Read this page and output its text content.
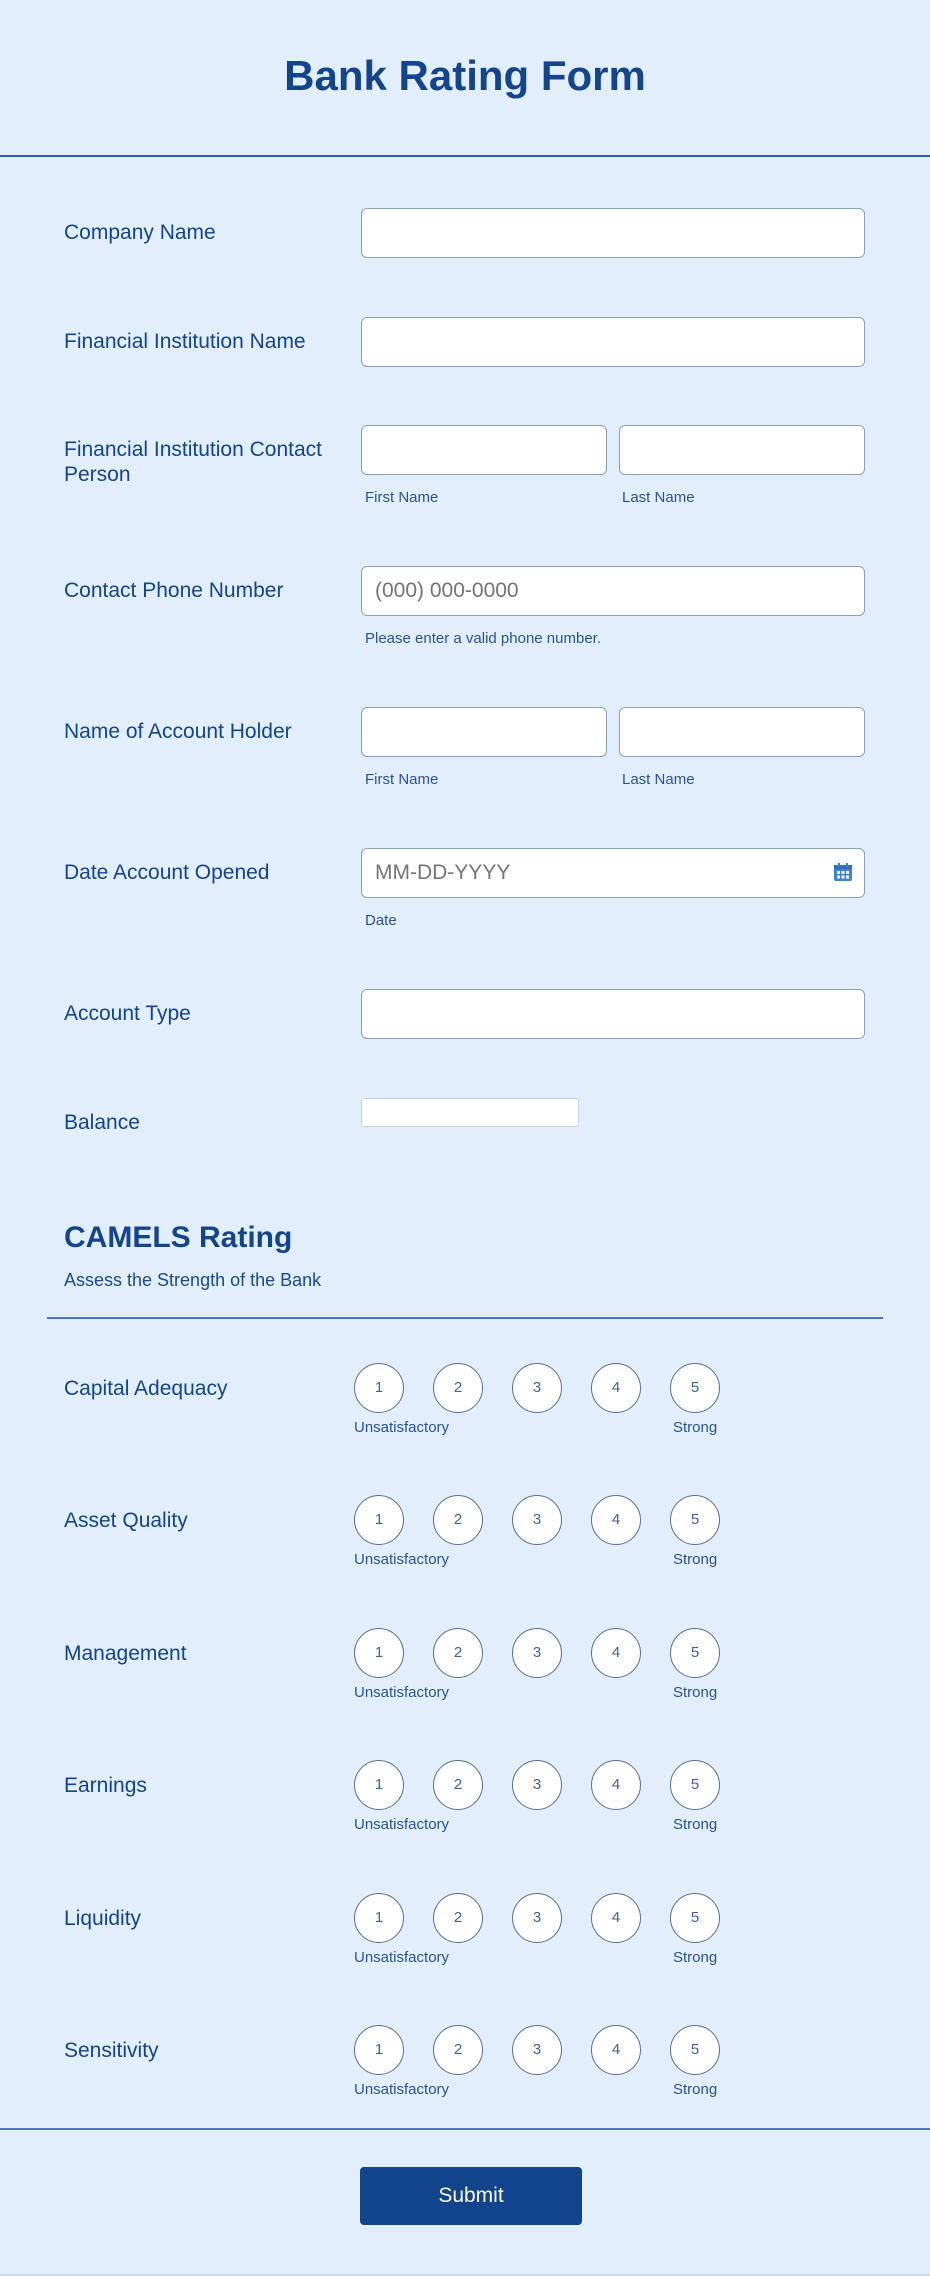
Bank Rating Form
Company Name
Financial Institution Name
Financial Institution Contact Person
First Name	Last Name
Contact Phone Number
(000) 000-0000
Please enter a valid phone number.
Name of Account Holder
First Name	Last Name
Date Account Opened
MM-DD-YYYY
Date
Account Type
Balance
CAMELS Rating
Assess the Strength of the Bank
Capital Adequacy	1	2	3	4	5
Unsatisfactory	Strong
Asset Quality	1	2	3	4	5
Unsatisfactory	Strong
Management	1	2	3	4	5
Unsatisfactory	Strong
Earnings	1	2	3	4	5
Unsatisfactory	Strong
Liquidity	1	2	3	4	5
Unsatisfactory	Strong
Sensitivity	1	2	3	4	5
Unsatisfactory	Strong
Submit
